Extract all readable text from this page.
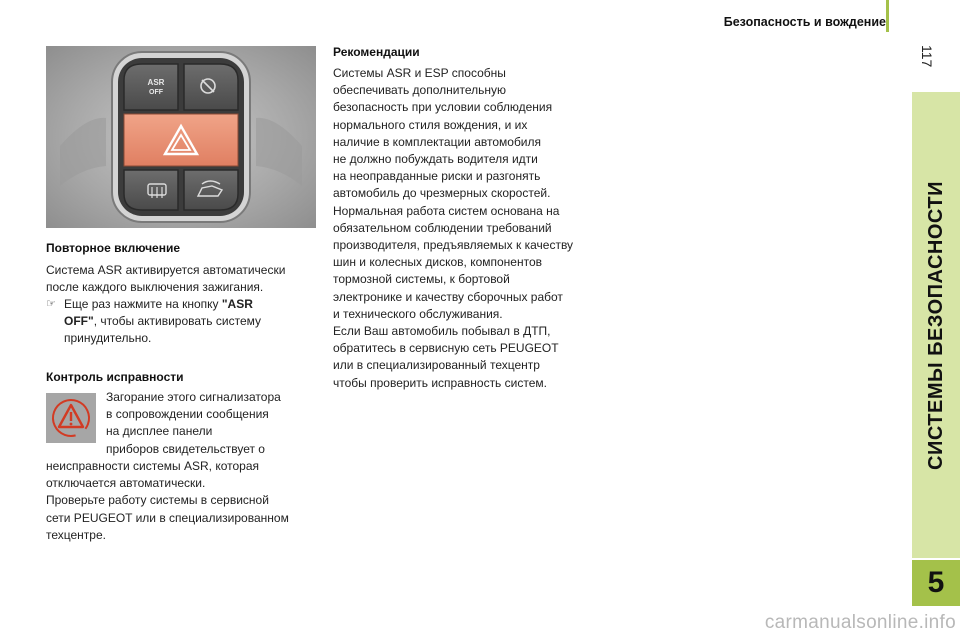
Безопасность и вождение
117
СИСТЕМЫ БЕЗОПАСНОСТИ
5
ASR
OFF
Повторное включение

Система ASR активируется автоматически

после каждого выключения зажигания.

☞ Еще раз нажмите на кнопку "ASR
OFF", чтобы активировать систему
принудительно.
Контроль исправности

Загорание этого сигнализатора

в сопровождении сообщения

на дисплее панели

приборов свидетельствует о

неисправности системы ASR, которая

отключается автоматически.

Проверьте работу системы в сервисной

сети PEUGEOT или в специализированном

техцентре.

Рекомендации

Системы ASR и ESP способны

обеспечивать дополнительную

безопасность при условии соблюдения

нормального стиля вождения, и их

наличие в комплектации автомобиля

не должно побуждать водителя идти

на неоправданные риски и разгонять

автомобиль до чрезмерных скоростей.

Нормальная работа систем основана на

обязательном соблюдении требований

производителя, предъявляемых к качеству

шин и колесных дисков, компонентов

тормозной системы, к бортовой

электронике и качеству сборочных работ

и технического обслуживания.

Если Ваш автомобиль побывал в ДТП,

обратитесь в сервисную сеть PEUGEOT

или в специализированный техцентр

чтобы проверить исправность систем.

carmanualsonline.info
